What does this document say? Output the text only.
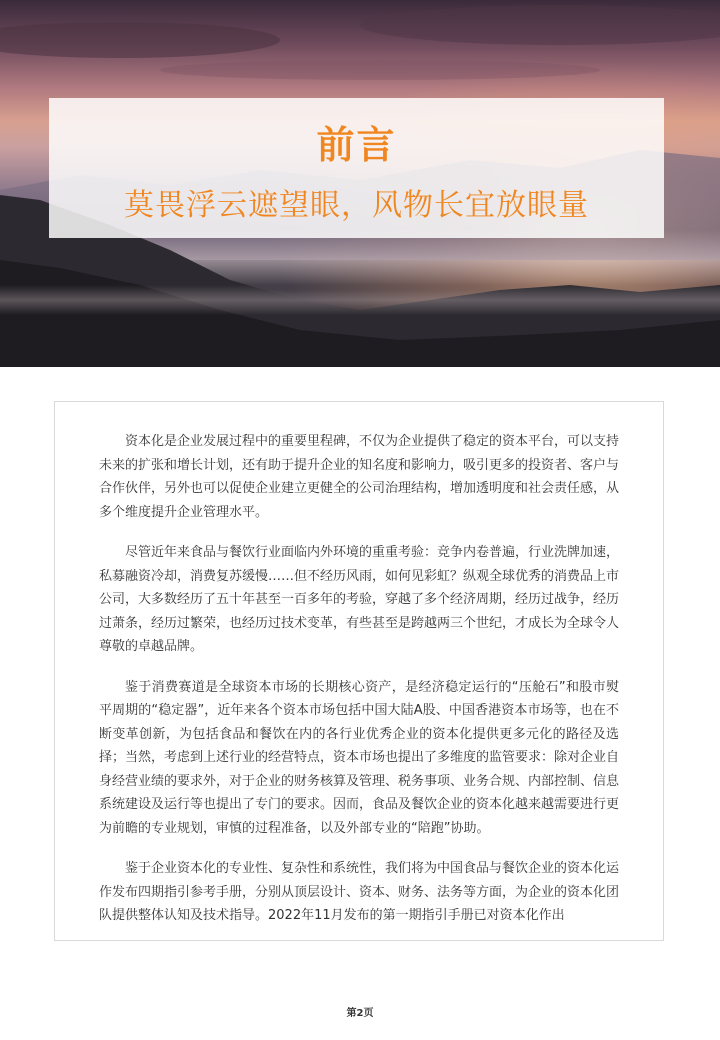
前言
莫畏浮云遮望眼，风物长宜放眼量

资本化是企业发展过程中的重要里程碑，不仅为企业提供了稳定的资本平台，可以支持未来的扩张和增长计划，还有助于提升企业的知名度和影响力，吸引更多的投资者、客户与合作伙伴，另外也可以促使企业建立更健全的公司治理结构，增加透明度和社会责任感，从多个维度提升企业管理水平。

尽管近年来食品与餐饮行业面临内外环境的重重考验：竞争内卷普遍，行业洗牌加速，私募融资冷却，消费复苏缓慢……但不经历风雨，如何见彩虹？纵观全球优秀的消费品上市公司，大多数经历了五十年甚至一百多年的考验，穿越了多个经济周期，经历过战争，经历过萧条，经历过繁荣，也经历过技术变革，有些甚至是跨越两三个世纪，才成长为全球令人尊敬的卓越品牌。

鉴于消费赛道是全球资本市场的长期核心资产，是经济稳定运行的“压舱石”和股市熨平周期的“稳定器”，近年来各个资本市场包括中国大陆A股、中国香港资本市场等，也在不断变革创新，为包括食品和餐饮在内的各行业优秀企业的资本化提供更多元化的路径及选择；当然，考虑到上述行业的经营特点，资本市场也提出了多维度的监管要求：除对企业自身经营业绩的要求外，对于企业的财务核算及管理、税务事项、业务合规、内部控制、信息系统建设及运行等也提出了专门的要求。因而，食品及餐饮企业的资本化越来越需要进行更为前瞻的专业规划，审慎的过程准备，以及外部专业的“陪跑”协助。

鉴于企业资本化的专业性、复杂性和系统性，我们将为中国食品与餐饮企业的资本化运作发布四期指引参考手册，分别从顶层设计、资本、财务、法务等方面，为企业的资本化团队提供整体认知及技术指导。2022年11月发布的第一期指引手册已对资本化作出

第2页
